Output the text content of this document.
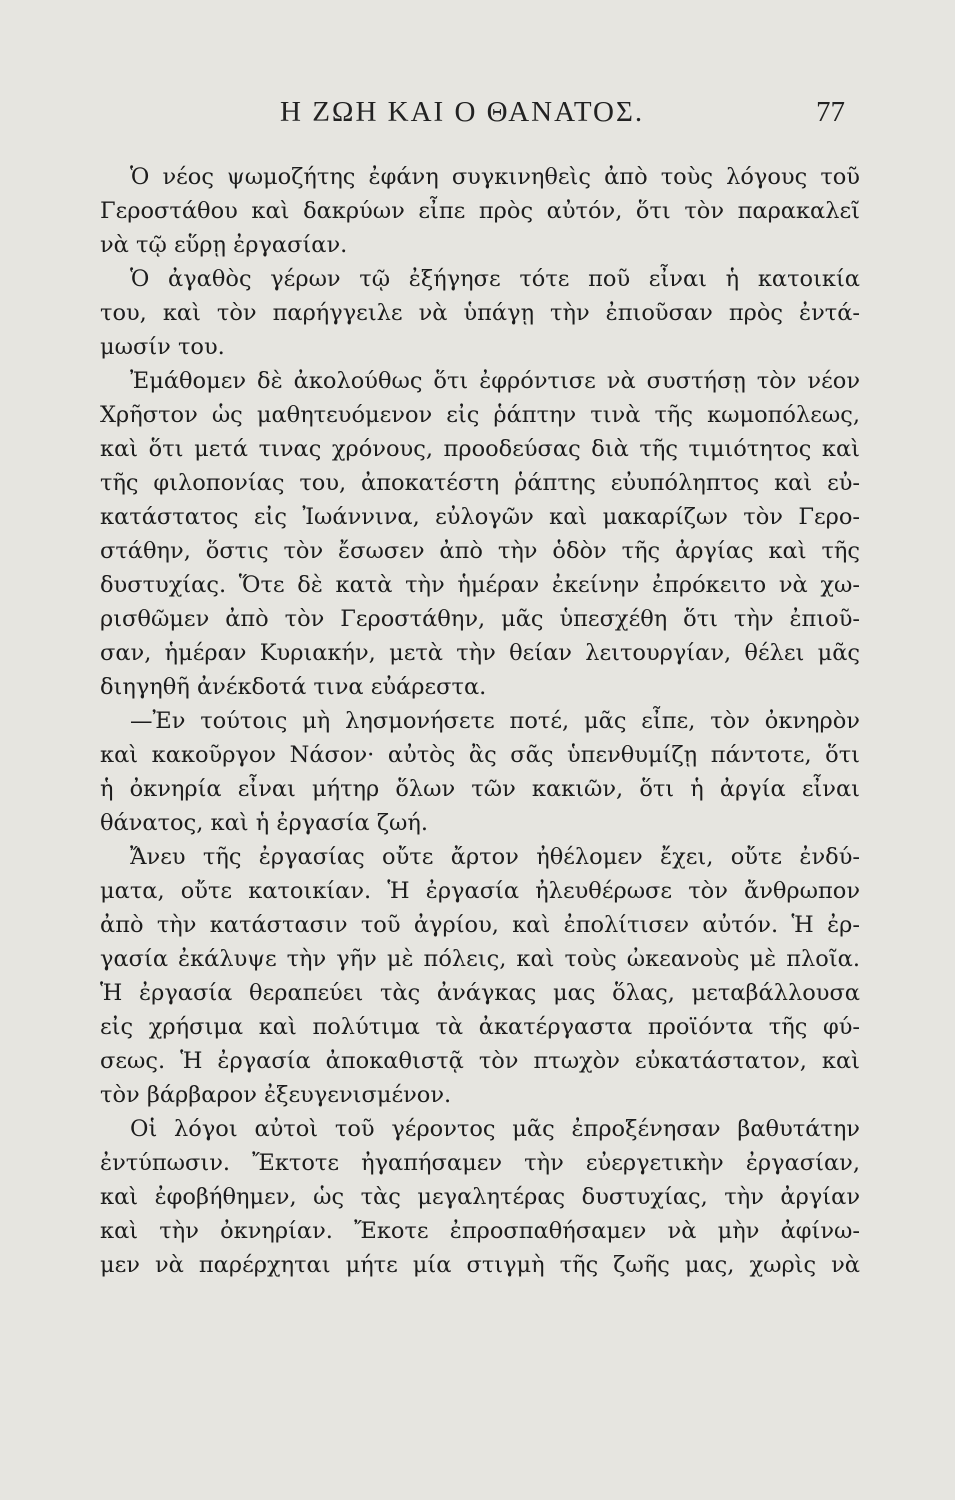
Η ΖΩΗ ΚΑΙ Ο ΘΑΝΑΤΟΣ.	77
Ὁ νέος ψωμοζήτης ἐφάνη συγκινηθεὶς ἀπὸ τοὺς λόγους τοῦ
Γεροστάθου καὶ δακρύων εἶπε πρὸς αὐτόν, ὅτι τὸν παρακαλεῖ
νὰ τῷ εὕρῃ ἐργασίαν.
Ὁ ἀγαθὸς γέρων τῷ ἐξήγησε τότε ποῦ εἶναι ἡ κατοικία
του, καὶ τὸν παρήγγειλε νὰ ὑπάγῃ τὴν ἐπιοῦσαν πρὸς ἐντά-
μωσίν του.
Ἐμάθομεν δὲ ἀκολούθως ὅτι ἐφρόντισε νὰ συστήσῃ τὸν νέον
Χρῆστον ὡς μαθητευόμενον εἰς ῥάπτην τινὰ τῆς κωμοπόλεως,
καὶ ὅτι μετά τινας χρόνους, προοδεύσας διὰ τῆς τιμιότητος καὶ
τῆς φιλοπονίας του, ἀποκατέστη ῥάπτης εὐυπόληπτος καὶ εὐ-
κατάστατος εἰς Ἰωάννινα, εὐλογῶν καὶ μακαρίζων τὸν Γερο-
στάθην, ὅστις τὸν ἔσωσεν ἀπὸ τὴν ὁδὸν τῆς ἀργίας καὶ τῆς
δυστυχίας. Ὅτε δὲ κατὰ τὴν ἡμέραν ἐκείνην ἐπρόκειτο νὰ χω-
ρισθῶμεν ἀπὸ τὸν Γεροστάθην, μᾶς ὑπεσχέθη ὅτι τὴν ἐπιοῦ-
σαν, ἡμέραν Κυριακήν, μετὰ τὴν θείαν λειτουργίαν, θέλει μᾶς
διηγηθῆ ἀνέκδοτά τινα εὐάρεστα.
—Ἐν τούτοις μὴ λησμονήσετε ποτέ, μᾶς εἶπε, τὸν ὀκνηρὸν
καὶ κακοῦργον Νάσον· αὐτὸς ἂς σᾶς ὑπενθυμίζῃ πάντοτε, ὅτι
ἡ ὀκνηρία εἶναι μήτηρ ὅλων τῶν κακιῶν, ὅτι ἡ ἀργία εἶναι
θάνατος, καὶ ἡ ἐργασία ζωή.
Ἄνευ τῆς ἐργασίας οὔτε ἄρτον ἠθέλομεν ἔχει, οὔτε ἐνδύ-
ματα, οὔτε κατοικίαν. Ἡ ἐργασία ἠλευθέρωσε τὸν ἄνθρωπον
ἀπὸ τὴν κατάστασιν τοῦ ἀγρίου, καὶ ἐπολίτισεν αὐτόν. Ἡ ἐρ-
γασία ἐκάλυψε τὴν γῆν μὲ πόλεις, καὶ τοὺς ὠκεανοὺς μὲ πλοῖα.
Ἡ ἐργασία θεραπεύει τὰς ἀνάγκας μας ὅλας, μεταβάλλουσα
εἰς χρήσιμα καὶ πολύτιμα τὰ ἀκατέργαστα προϊόντα τῆς φύ-
σεως. Ἡ ἐργασία ἀποκαθιστᾷ τὸν πτωχὸν εὐκατάστατον, καὶ
τὸν βάρβαρον ἐξευγενισμένον.
Οἱ λόγοι αὐτοὶ τοῦ γέροντος μᾶς ἐπροξένησαν βαθυτάτην
ἐντύπωσιν. Ἔκτοτε ἠγαπήσαμεν τὴν εὐεργετικὴν ἐργασίαν,
καὶ ἐφοβήθημεν, ὡς τὰς μεγαλητέρας δυστυχίας, τὴν ἀργίαν
καὶ τὴν ὀκνηρίαν. Ἔκοτε ἐπροσπαθήσαμεν νὰ μὴν ἀφίνω-
μεν νὰ παρέρχηται μήτε μία στιγμὴ τῆς ζωῆς μας, χωρὶς νὰ
